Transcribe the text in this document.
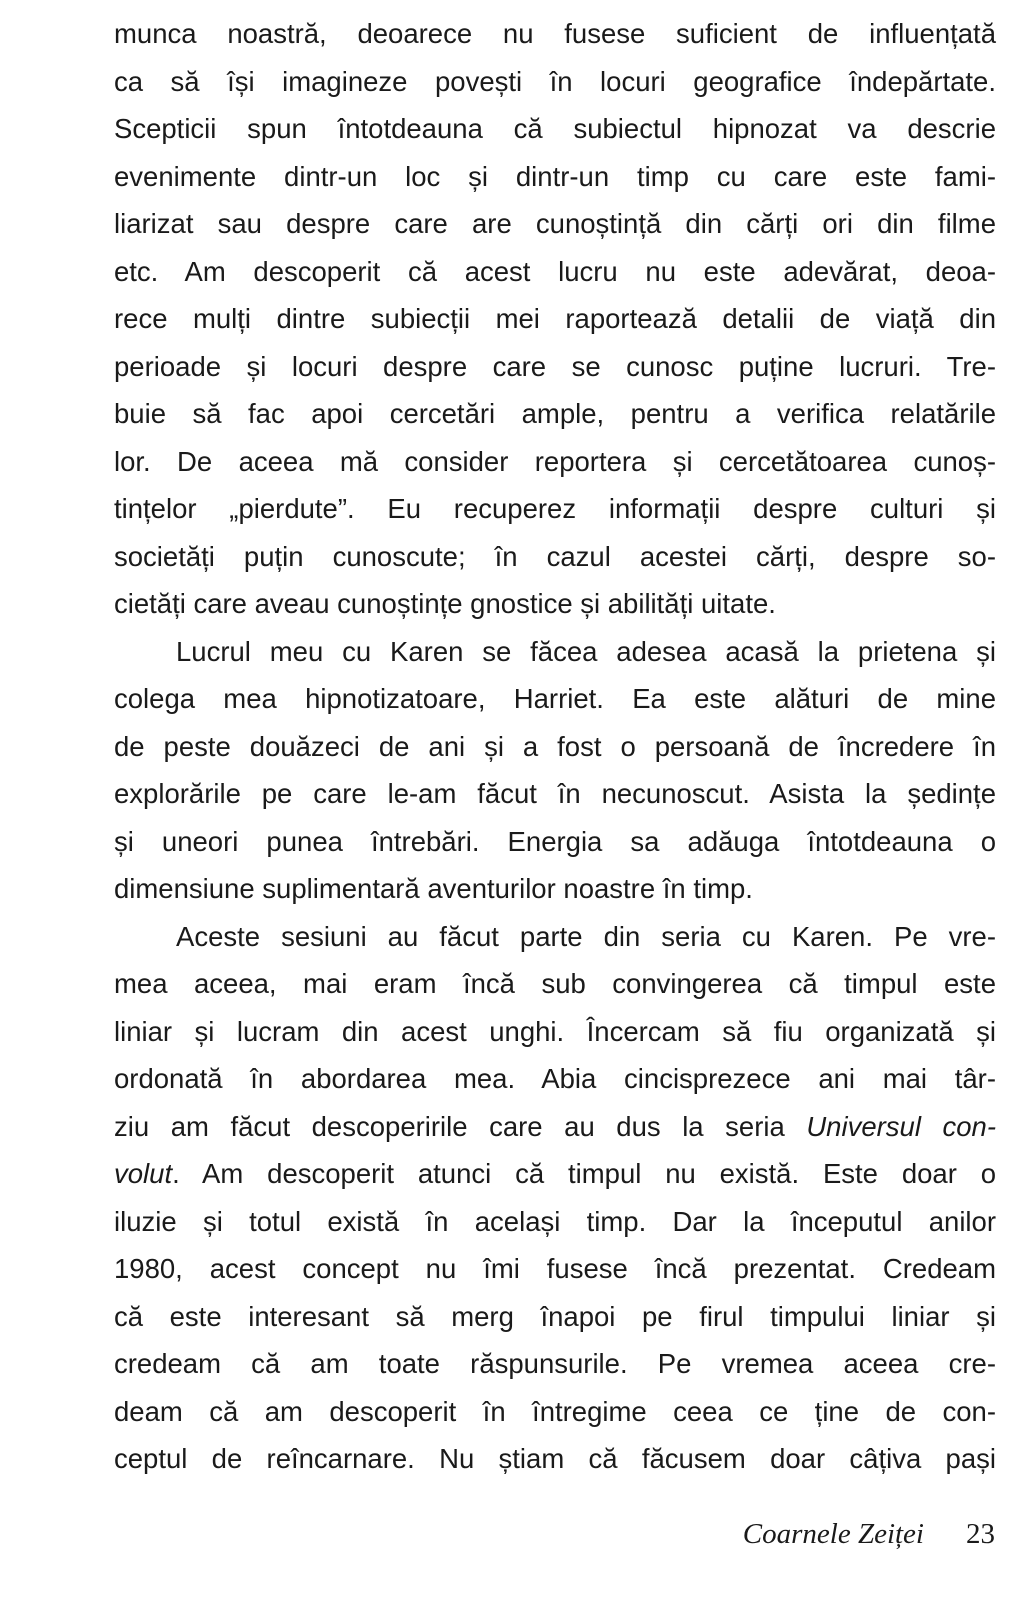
munca noastră, deoarece nu fusese suficient de influențată
ca să își imagineze povești în locuri geografice îndepărtate.
Scepticii spun întotdeauna că subiectul hipnozat va descrie
evenimente dintr-un loc și dintr-un timp cu care este fami-
liarizat sau despre care are cunoștință din cărți ori din filme
etc. Am descoperit că acest lucru nu este adevărat, deoa-
rece mulți dintre subiecții mei raportează detalii de viață din
perioade și locuri despre care se cunosc puține lucruri. Tre-
buie să fac apoi cercetări ample, pentru a verifica relatările
lor. De aceea mă consider reportera și cercetătoarea cunoș-
tințelor „pierdute”. Eu recuperez informații despre culturi și
societăți puțin cunoscute; în cazul acestei cărți, despre so-
cietăți care aveau cunoștințe gnostice și abilități uitate.
Lucrul meu cu Karen se făcea adesea acasă la prietena și
colega mea hipnotizatoare, Harriet. Ea este alături de mine
de peste douăzeci de ani și a fost o persoană de încredere în
explorările pe care le-am făcut în necunoscut. Asista la ședințe
și uneori punea întrebări. Energia sa adăuga întotdeauna o
dimensiune suplimentară aventurilor noastre în timp.
Aceste sesiuni au făcut parte din seria cu Karen. Pe vre-
mea aceea, mai eram încă sub convingerea că timpul este
liniar și lucram din acest unghi. Încercam să fiu organizată și
ordonată în abordarea mea. Abia cincisprezece ani mai târ-
ziu am făcut descoperirile care au dus la seria Universul con-
volut. Am descoperit atunci că timpul nu există. Este doar o
iluzie și totul există în același timp. Dar la începutul anilor
1980, acest concept nu îmi fusese încă prezentat. Credeam
că este interesant să merg înapoi pe firul timpului liniar și
credeam că am toate răspunsurile. Pe vremea aceea cre-
deam că am descoperit în întregime ceea ce ține de con-
ceptul de reîncarnare. Nu știam că făcusem doar câțiva pași
Coarnele Zeiței 23
